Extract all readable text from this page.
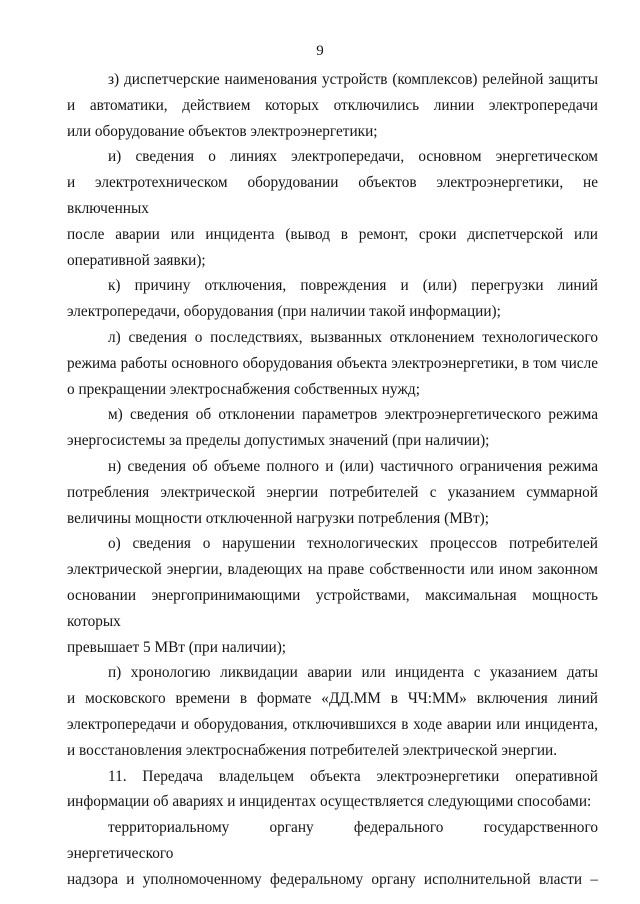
9
з) диспетчерские наименования устройств (комплексов) релейной защиты
и автоматики, действием которых отключились линии электропередачи
или оборудование объектов электроэнергетики;
и) сведения о линиях электропередачи, основном энергетическом
и электротехническом оборудовании объектов электроэнергетики, не включенных
после аварии или инцидента (вывод в ремонт, сроки диспетчерской или
оперативной заявки);
к) причину отключения, повреждения и (или) перегрузки линий
электропередачи, оборудования (при наличии такой информации);
л) сведения о последствиях, вызванных отклонением технологического
режима работы основного оборудования объекта электроэнергетики, в том числе
о прекращении электроснабжения собственных нужд;
м) сведения об отклонении параметров электроэнергетического режима
энергосистемы за пределы допустимых значений (при наличии);
н) сведения об объеме полного и (или) частичного ограничения режима
потребления электрической энергии потребителей с указанием суммарной
величины мощности отключенной нагрузки потребления (МВт);
о) сведения о нарушении технологических процессов потребителей
электрической энергии, владеющих на праве собственности или ином законном
основании энергопринимающими устройствами, максимальная мощность которых
превышает 5 МВт (при наличии);
п) хронологию ликвидации аварии или инцидента с указанием даты
и московского времени в формате «ДД.ММ в ЧЧ:ММ» включения линий
электропередачи и оборудования, отключившихся в ходе аварии или инцидента,
и восстановления электроснабжения потребителей электрической энергии.
11. Передача владельцем объекта электроэнергетики оперативной
информации об авариях и инцидентах осуществляется следующими способами:
территориальному органу федерального государственного энергетического
надзора и уполномоченному федеральному органу исполнительной власти –
